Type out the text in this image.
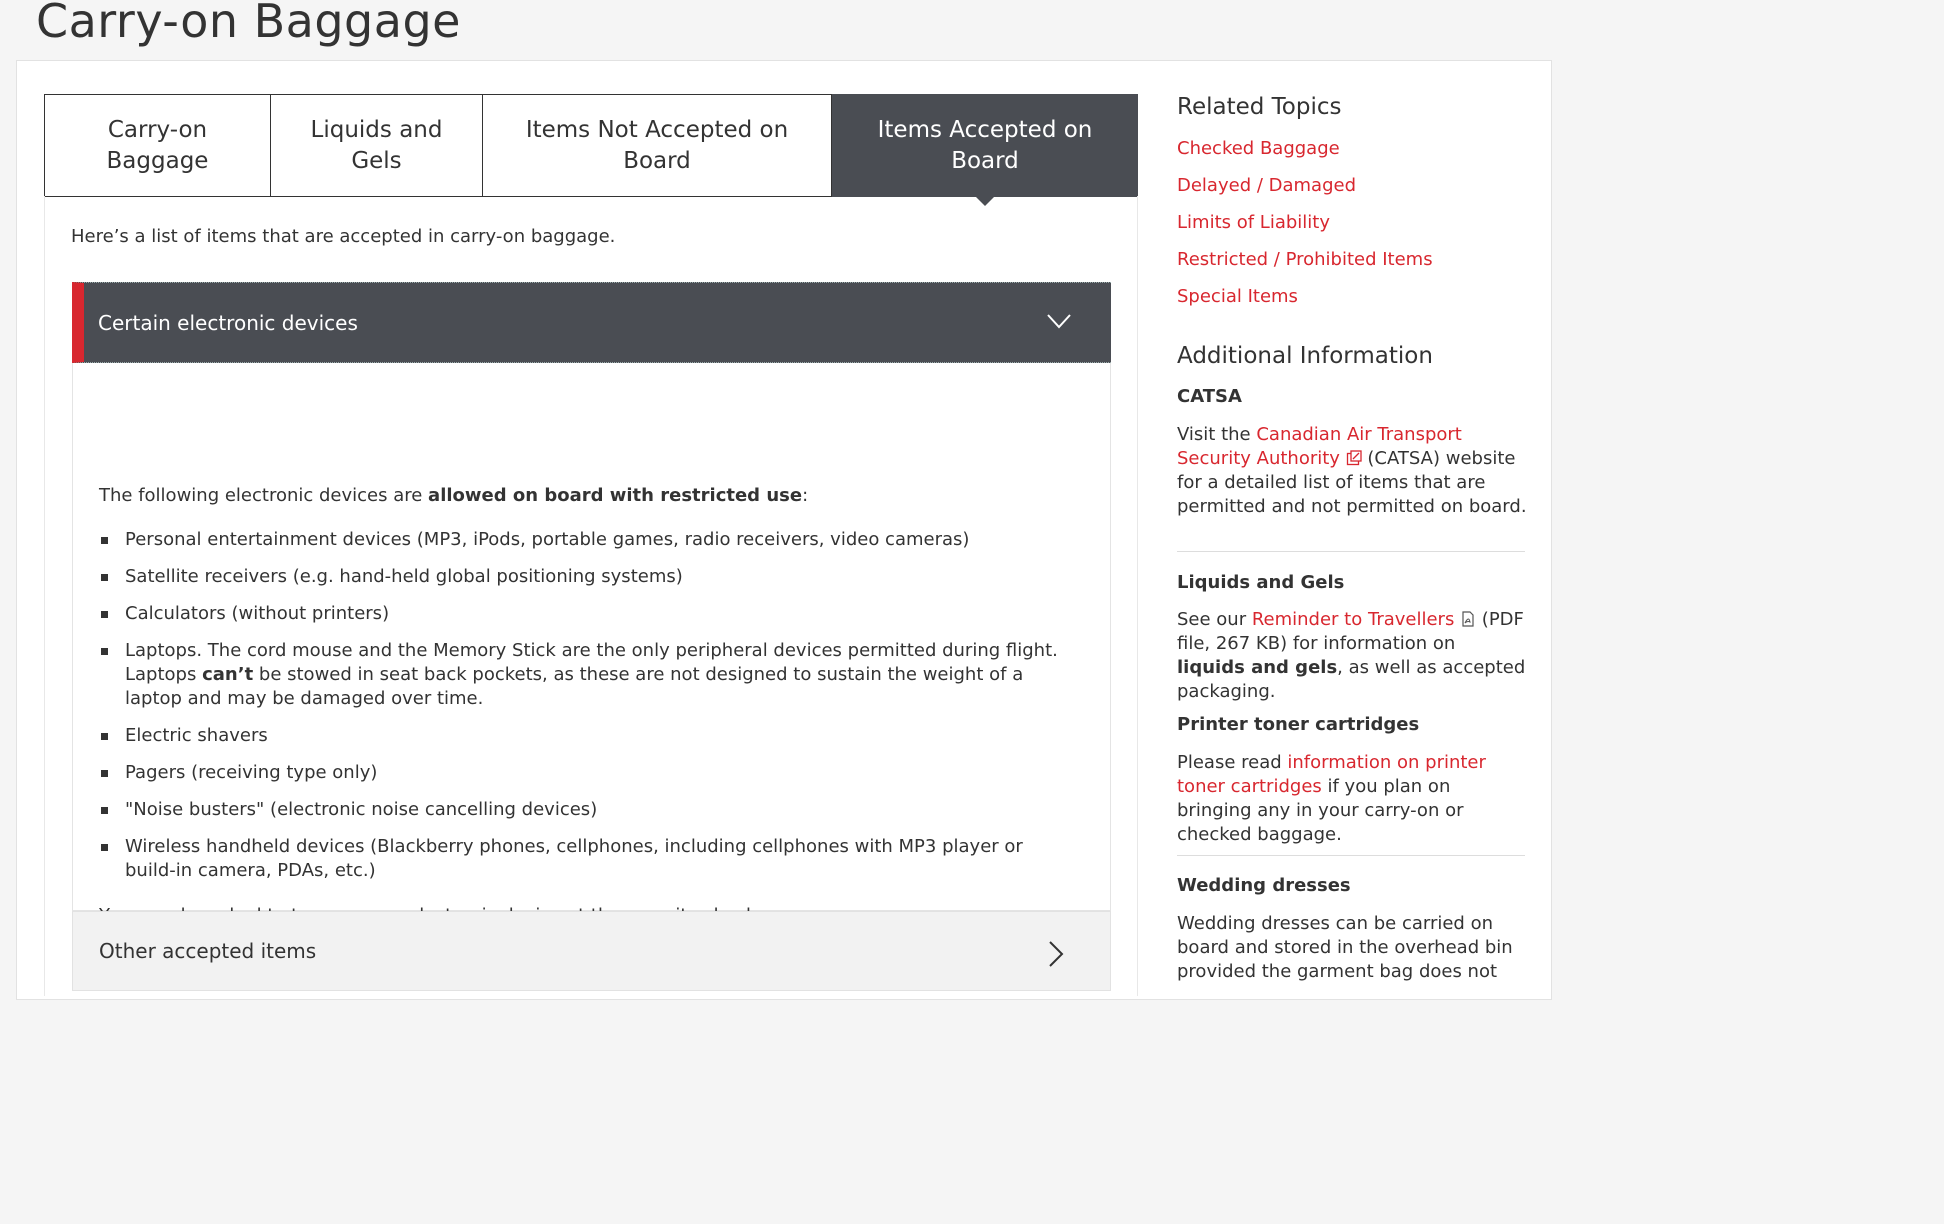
Carry-on Baggage
Carry-on Baggage
Liquids and Gels
Items Not Accepted on Board
Items Accepted on Board

Here’s a list of items that are accepted in carry-on baggage.

Certain electronic devices

The following electronic devices are allowed on board with restricted use:

Personal entertainment devices (MP3, iPods, portable games, radio receivers, video cameras)
Satellite receivers (e.g. hand-held global positioning systems)
Calculators (without printers)
Laptops. The cord mouse and the Memory Stick are the only peripheral devices permitted during flight. Laptops can’t be stowed in seat back pockets, as these are not designed to sustain the weight of a laptop and may be damaged over time.
Electric shavers
Pagers (receiving type only)
"Noise busters" (electronic noise cancelling devices)
Wireless handheld devices (Blackberry phones, cellphones, including cellphones with MP3 player or build-in camera, PDAs, etc.)

Other accepted items
Related Topics
Checked Baggage
Delayed / Damaged
Limits of Liability
Restricted / Prohibited Items
Special Items
Additional Information
CATSA

Visit the Canadian Air Transport Security Authority  (CATSA) website for a detailed list of items that are permitted and not permitted on board.

Liquids and Gels

See our Reminder to Travellers  (PDF file, 267 KB) for information on liquids and gels, as well as accepted packaging.

Printer toner cartridges

Please read information on printer toner cartridges if you plan on bringing any in your carry-on or checked baggage.

Wedding dresses

Wedding dresses can be carried on board and stored in the overhead bin provided the garment bag does not
